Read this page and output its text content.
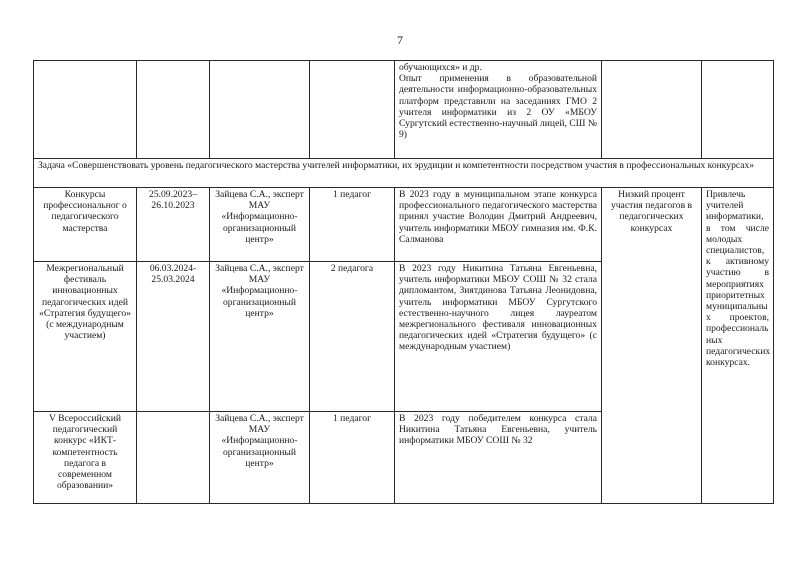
7

				обучающихся» и др.
Опыт применения в образовательной деятельности информационно-образовательных платформ представили на заседаниях ГМО 2 учителя информатики из 2 ОУ «МБОУ Сургутский естественно-научный лицей, СШ № 9)		

Задача «Совершенствовать уровень педагогического мастерства учителей информатики, их эрудиции и компетентности посредством участия в профессиональных конкурсах»						
Конкурсы профессиональног о педагогического мастерства	25.09.2023– 26.10.2023	Зайцева С.А., эксперт МАУ «Информационно-организационный центр»	1 педагог	В 2023 году в муниципальном этапе конкурса профессионального педагогического мастерства принял участие Володин Дмитрий Андреевич, учитель информатики МБОУ гимназия им. Ф.К. Салманова	Низкий процент участия педагогов в педагогических конкурсах	Привлечь учителей информатики, в том числе молодых специалистов, к активному участию в мероприятиях приоритетных муниципальны х проектов, профессиональ ных педагогических конкурсах.
Межрегиональный фестиваль инновационных педагогических идей «Стратегия будущего» (с международным участием)	06.03.2024- 25.03.2024	Зайцева С.А., эксперт МАУ «Информационно-организационный центр»	2 педагога	В 2023 году Никитина Татьяна Евгеньевна, учитель информатики МБОУ СОШ № 32 стала дипломантом, Зиятдинова Татьяна Леонидовна, учитель информатики МБОУ Сургутского естественно-научного лицея лауреатом межрегионального фестиваля инновационных педагогических идей «Стратегия будущего» (с международным участием)		
V Всероссийский педагогический конкурс «ИКТ-компетентность педагога в современном образовании»		Зайцева С.А., эксперт МАУ «Информационно-организационный центр»	1 педагог	В 2023 году победителем конкурса стала Никитина Татьяна Евгеньевна, учитель информатики МБОУ СОШ № 32		
